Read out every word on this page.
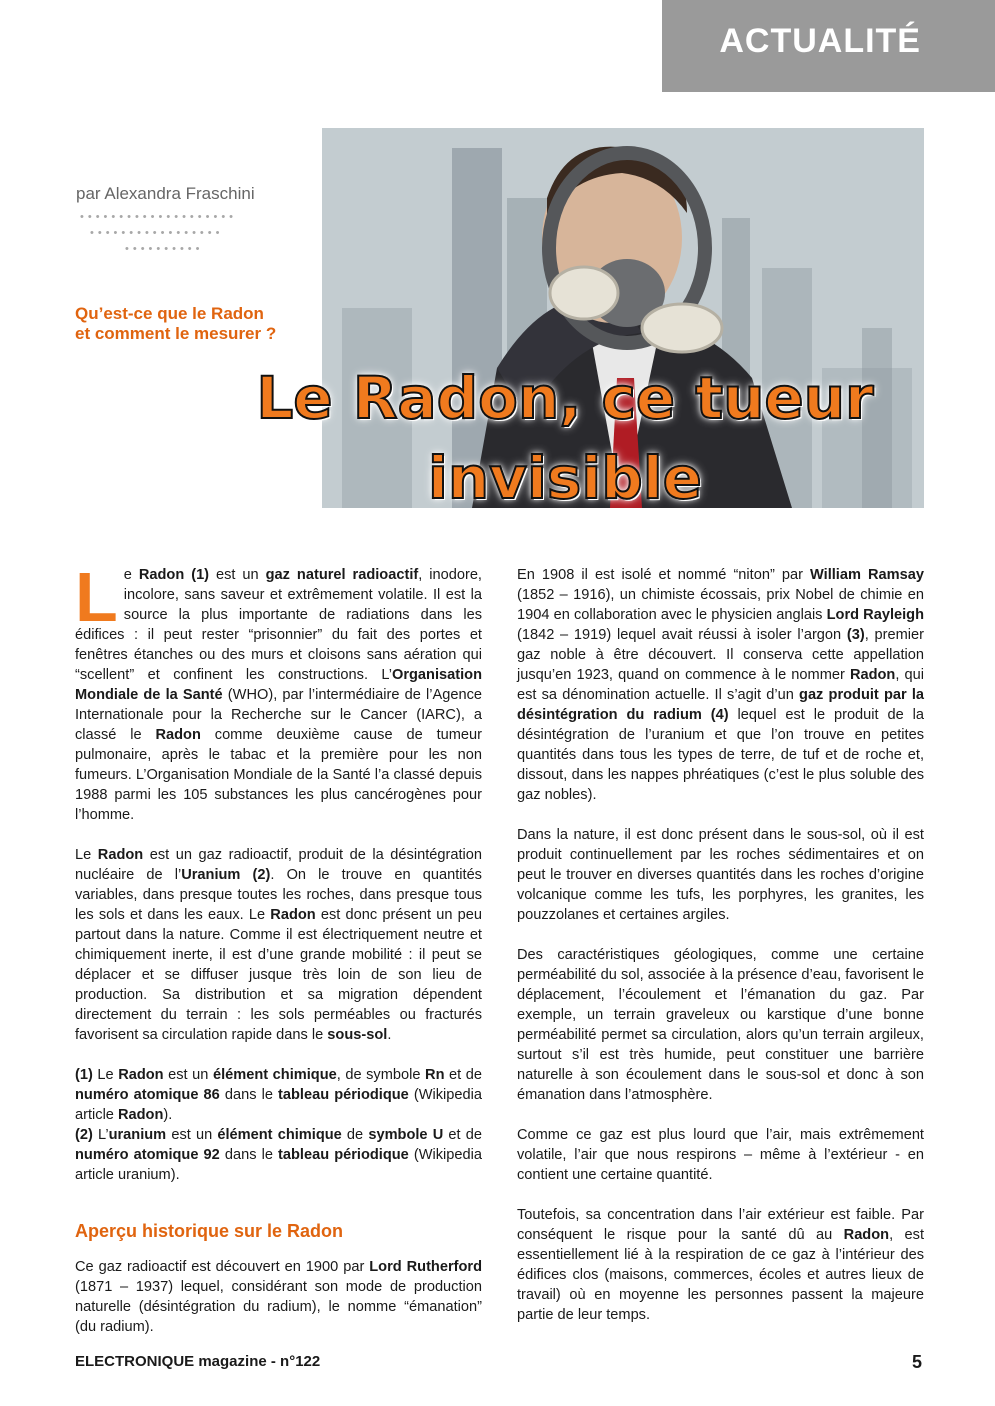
ACTUALITÉ
par Alexandra Fraschini
••••••••••••••••••••
•••••••••••••••••
••••••••••
Qu’est-ce que le Radon
et comment le mesurer ?
Le Radon, ce tueur
invisible

L e Radon (1) est un gaz naturel radioactif, inodore, incolore, sans saveur et extrêmement volatile. Il est la source la plus importante de radiations dans les édifices : il peut rester “prisonnier” du fait des portes et fenêtres étanches ou des murs et cloisons sans aération qui “scellent” et confinent les constructions. L’Organisation Mondiale de la Santé (WHO), par l’intermédiaire de l’Agence Internationale pour la Recherche sur le Cancer (IARC), a classé le Radon comme deuxième cause de tumeur pulmonaire, après le tabac et la première pour les non fumeurs. L’Organisation Mondiale de la Santé l’a classé depuis 1988 parmi les 105 substances les plus cancérogènes pour l’homme.

Le Radon est un gaz radioactif, produit de la désintégration nucléaire de l’Uranium (2). On le trouve en quantités variables, dans presque toutes les roches, dans presque tous les sols et dans les eaux. Le Radon est donc présent un peu partout dans la nature. Comme il est électriquement neutre et chimiquement inerte, il est d’une grande mobilité : il peut se déplacer et se diffuser jusque très loin de son lieu de production. Sa distribution et sa migration dépendent directement du terrain : les sols perméables ou fracturés favorisent sa circulation rapide dans le sous-sol.

(1) Le Radon est un élément chimique, de symbole Rn et de numéro atomique 86 dans le tableau périodique (Wikipedia article Radon).

(2) L’uranium est un élément chimique de symbole U et de numéro atomique 92 dans le tableau périodique (Wikipedia article uranium).

Aperçu historique sur le Radon

Ce gaz radioactif est découvert en 1900 par Lord Rutherford (1871 – 1937) lequel, considérant son mode de production naturelle (désintégration du radium), le nomme “émanation” (du radium).

En 1908 il est isolé et nommé “niton” par William Ramsay (1852 – 1916), un chimiste écossais, prix Nobel de chimie en 1904 en collaboration avec le physicien anglais Lord Rayleigh (1842 – 1919) lequel avait réussi à isoler l’argon (3), premier gaz noble à être découvert. Il conserva cette appellation jusqu’en 1923, quand on commence à le nommer Radon, qui est sa dénomination actuelle. Il s’agit d’un gaz produit par la désintégration du radium (4) lequel est le produit de la désintégration de l’uranium et que l’on trouve en petites quantités dans tous les types de terre, de tuf et de roche et, dissout, dans les nappes phréatiques (c’est le plus soluble des gaz nobles).

Dans la nature, il est donc présent dans le sous-sol, où il est produit continuellement par les roches sédimentaires et on peut le trouver en diverses quantités dans les roches d’origine volcanique comme les tufs, les porphyres, les granites, les pouzzolanes et certaines argiles.

Des caractéristiques géologiques, comme une certaine perméabilité du sol, associée à la présence d’eau, favorisent le déplacement, l’écoulement et l’émanation du gaz. Par exemple, un terrain graveleux ou karstique d’une bonne perméabilité permet sa circulation, alors qu’un terrain argileux, surtout s’il est très humide, peut constituer une barrière naturelle à son écoulement dans le sous-sol et donc à son émanation dans l’atmosphère.

Comme ce gaz est plus lourd que l’air, mais extrêmement volatile, l’air que nous respirons – même à l’extérieur - en contient une certaine quantité.

Toutefois, sa concentration dans l’air extérieur est faible. Par conséquent le risque pour la santé dû au Radon, est essentiellement lié à la respiration de ce gaz à l’intérieur des édifices clos (maisons, commerces, écoles et autres lieux de travail) où en moyenne les personnes passent la majeure partie de leur temps.

ELECTRONIQUE magazine - n°122	5
